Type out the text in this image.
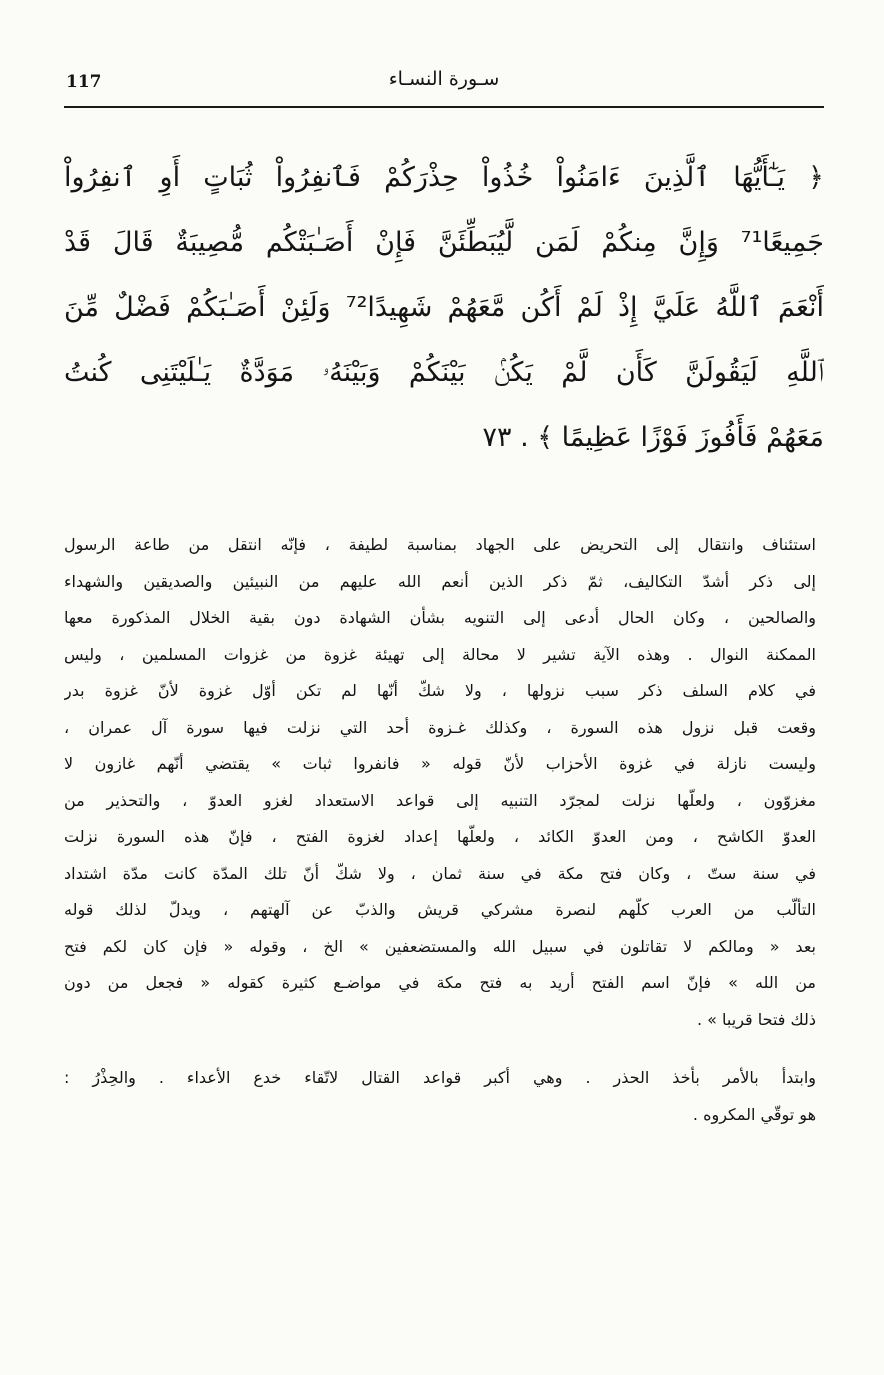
117	سـورة النسـاء
﴿ يَـٰٓأَيُّهَا ٱلَّذِينَ ءَامَنُواْ خُذُواْ حِذْرَكُمْ فَٱنفِرُواْ ثُبَاتٍ أَوِ ٱنفِرُواْ
جَمِيعًا⁷¹ وَإِنَّ مِنكُمْ لَمَن لَّيُبَطِّئَنَّ فَإِنْ أَصَـٰبَتْكُم مُّصِيبَةٌ قَالَ قَدْ
أَنْعَمَ ٱللَّهُ عَلَيَّ إِذْ لَمْ أَكُن مَّعَهُمْ شَهِيدًا⁷² وَلَئِنْ أَصَـٰبَكُمْ فَضْلٌ مِّنَ
ٱللَّهِ لَيَقُولَنَّ كَأَن لَّمْ يَكُنۢ بَيْنَكُمْ وَبَيْنَهُۥ مَوَدَّةٌ يَـٰلَيْتَنِى كُنتُ
مَعَهُمْ فَأَفُوزَ فَوْزًا عَظِيمًا ﴾ . ٧٣
استئناف وانتقال إلى التحريض على الجهاد بمناسبة لطيفة ، فإنّه انتقل من طاعة الرسول
إلى ذكر أشدّ التكاليف، ثمّ ذكر الذين أنعم الله عليهم من النبيئين والصديقين والشهداء
والصالحين ، وكان الحال أدعى إلى التنويه بشأن الشهادة دون بقية الخلال المذكورة معها
الممكنة النوال . وهذه الآية تشير لا محالة إلى تهيئة غزوة من غزوات المسلمين ، وليس
في كلام السلف ذكر سبب نزولها ، ولا شكّ أنّها لم تكن أوّل غزوة لأنّ غزوة بدر
وقعت قبل نزول هذه السورة ، وكذلك غـزوة أحد التي نزلت فيها سورة آل عمران ،
وليست نازلة في غزوة الأحزاب لأنّ قوله « فانفروا ثبات » يقتضي أنّهم غازون لا
مغزوّون ، ولعلّها نزلت لمجرّد التنبيه إلى قواعد الاستعداد لغزو العدوّ ، والتحذير من
العدوّ الكاشح ، ومن العدوّ الكائد ، ولعلّها إعداد لغزوة الفتح ، فإنّ هذه السورة نزلت
في سنة ستّ ، وكان فتح مكة في سنة ثمان ، ولا شكّ أنّ تلك المدّة كانت مدّة اشتداد
التألّب من العرب كلّهم لنصرة مشركي قريش والذبّ عن آلهتهم ، ويدلّ لذلك قوله
بعد « ومالكم لا تقاتلون في سبيل الله والمستضعفين » الخ ، وقوله « فإن كان لكم فتح
من الله » فإنّ اسم الفتح أريد به فتح مكة في مواضـع كثيرة كقوله « فجعل من دون
ذلك فتحا قريبا » .
وابتدأ بالأمر بأخذ الحذر . وهي أكبر قواعد القتال لاتّقاء خدع الأعداء . والحِذْرُ :
هو توقّي المكروه .
